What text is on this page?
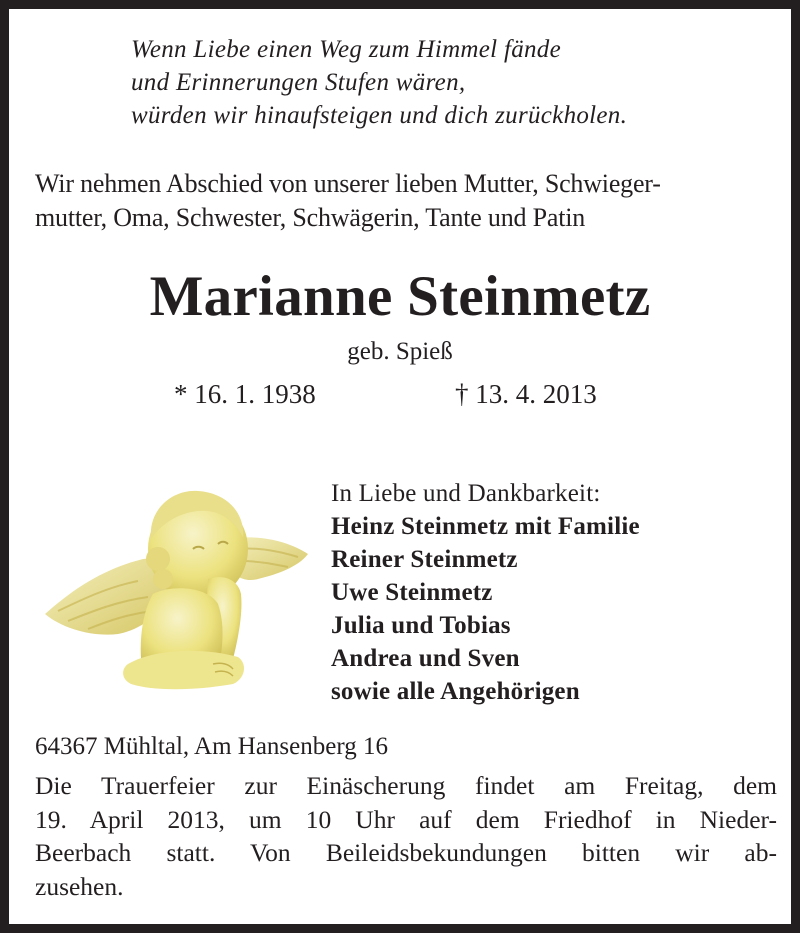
Wenn Liebe einen Weg zum Himmel fände
und Erinnerungen Stufen wären,
würden wir hinaufsteigen und dich zurückholen.
Wir nehmen Abschied von unserer lieben Mutter, Schwieger-
mutter, Oma, Schwester, Schwägerin, Tante und Patin
Marianne Steinmetz
geb. Spieß
* 16. 1. 1938	† 13. 4. 2013
In Liebe und Dankbarkeit:
Heinz Steinmetz mit Familie
Reiner Steinmetz
Uwe Steinmetz
Julia und Tobias
Andrea und Sven
sowie alle Angehörigen
64367 Mühltal, Am Hansenberg 16
Die Trauerfeier zur Einäscherung findet am Freitag, dem
19. April 2013, um 10 Uhr auf dem Friedhof in Nieder-
Beerbach statt. Von Beileidsbekundungen bitten wir ab-
zusehen.
